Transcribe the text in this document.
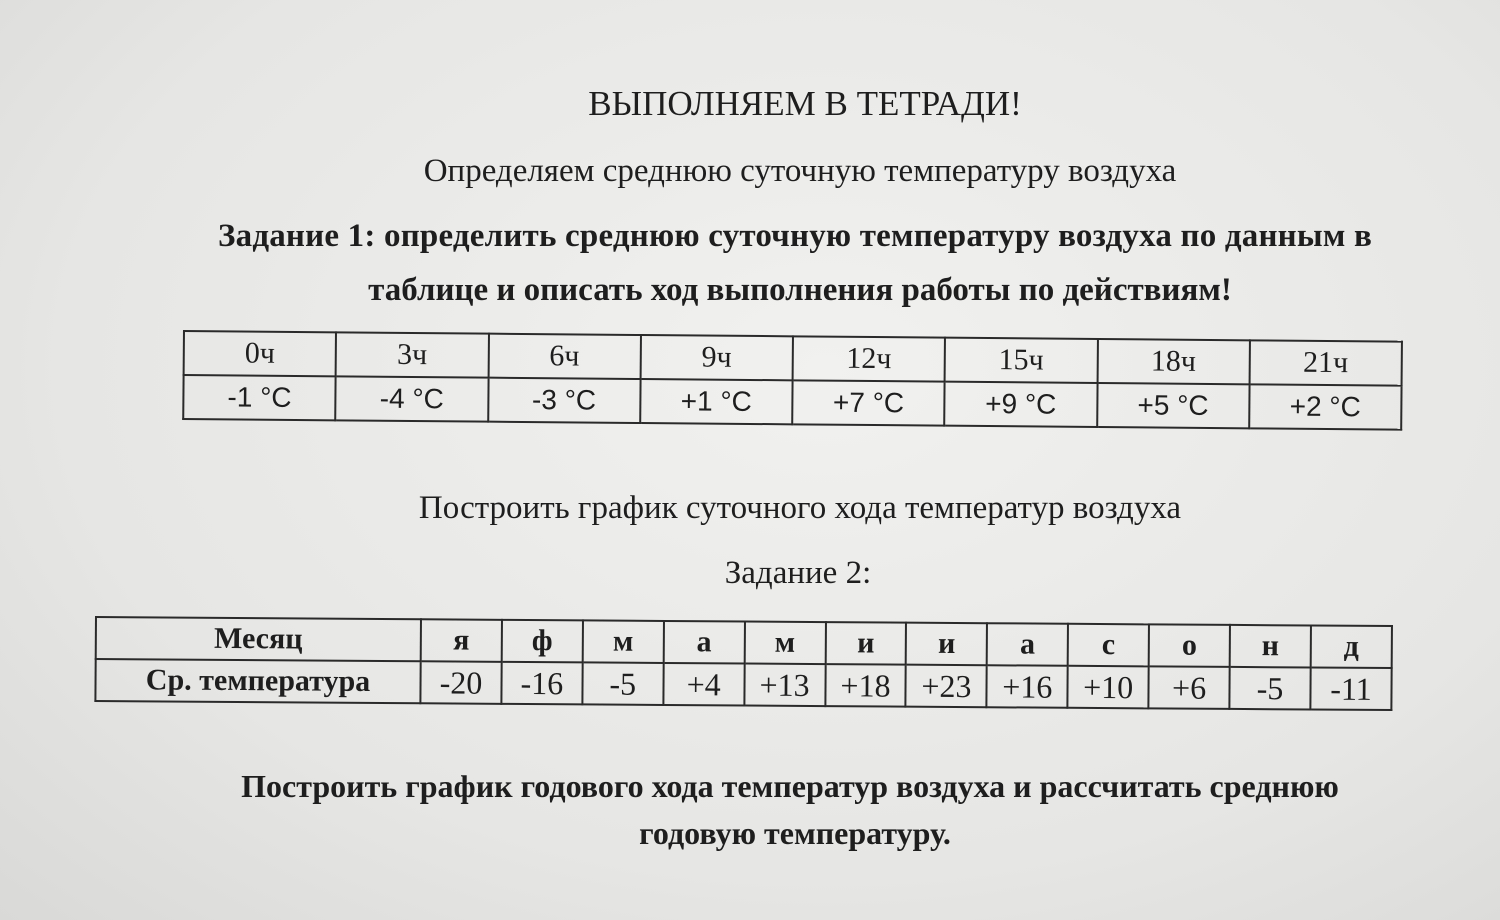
ВЫПОЛНЯЕМ В ТЕТРАДИ!
Определяем среднюю суточную температуру воздуха
Задание 1: определить среднюю суточную температуру воздуха по данным в
таблице и описать ход выполнения работы по действиям!
0ч	3ч	6ч	9ч	12ч	15ч	18ч	21ч
-1 °С	-4 °С	-3 °С	+1 °С	+7 °С	+9 °С	+5 °С	+2 °С
Построить график суточного хода температур воздуха
Задание 2:
Месяц	я	ф	м	а	м	и	и	а	с	о	н	д
Ср. температура	-20	-16	-5	+4	+13	+18	+23	+16	+10	+6	-5	-11
Построить график годового хода температур воздуха и рассчитать среднюю
годовую температуру.
